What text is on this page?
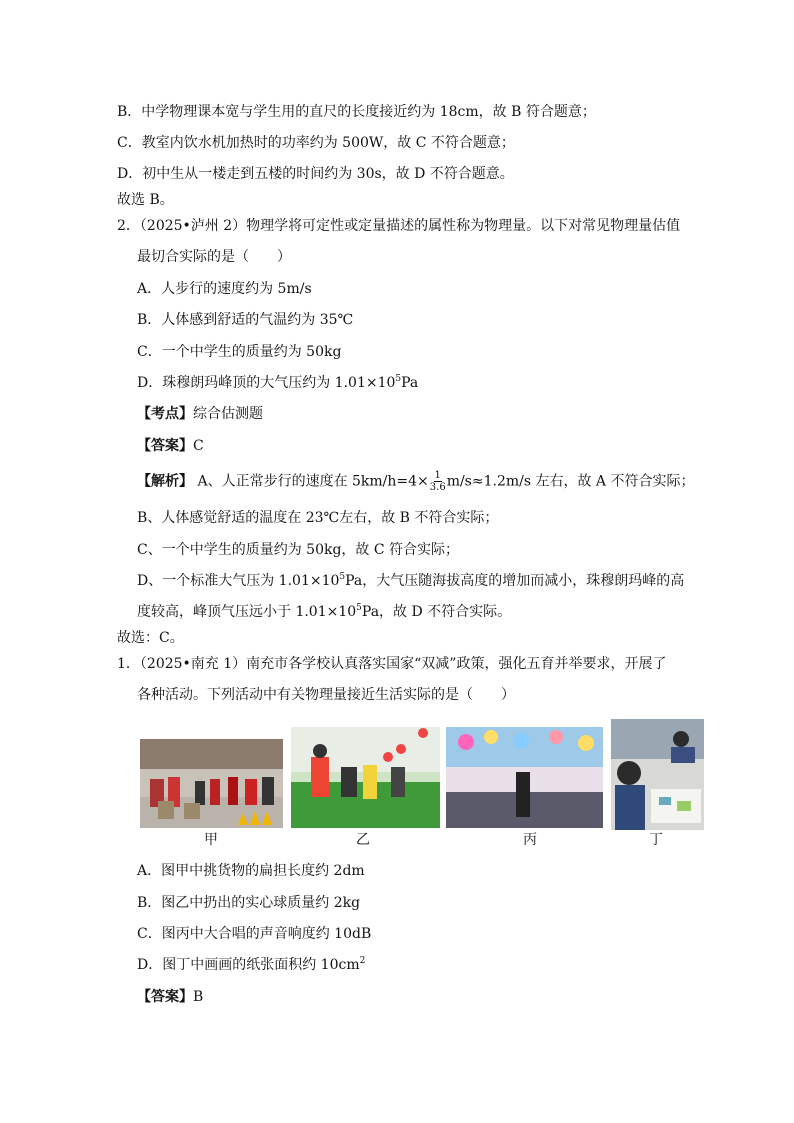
B．中学物理课本宽与学生用的直尺的长度接近约为 18cm，故 B 符合题意；
C．教室内饮水机加热时的功率约为 500W，故 C 不符合题意；
D．初中生从一楼走到五楼的时间约为 30s，故 D 不符合题意。
故选 B。
2．（2025•泸州 2）物理学将可定性或定量描述的属性称为物理量。以下对常见物理量估值
最切合实际的是（　　）
A．人步行的速度约为 5m/s
B．人体感到舒适的气温约为 35℃
C．一个中学生的质量约为 50kg
D．珠穆朗玛峰顶的大气压约为 $1.01\times 10^5Pa$
【考点】综合估测题
【答案】C
【解析】 A、人正常步行的速度在 $5km/h=4\times \frac{1}{3.6} m/s\approx 1.2m/s$ 左右，故 A 不符合实际；
B、人体感觉舒适的温度在 23℃左右，故 B 不符合实际；
C、一个中学生的质量约为 50kg，故 C 符合实际；
D、一个标准大气压为 $1.01\times 10^5Pa$，大气压随海拔高度的增加而减小，珠穆朗玛峰的高
度较高，峰顶气压远小于 $1.01\times 10^5Pa$，故 D 不符合实际。
故选：C。
1．（2025•南充 1）南充市各学校认真落实国家“双减”政策，强化五育并举要求，开展了
各种活动。下列活动中有关物理量接近生活实际的是（　　）
甲	乙	丙	丁
A．图甲中挑货物的扁担长度约 2dm
B．图乙中扔出的实心球质量约 2kg
C．图丙中大合唱的声音响度约 10dB
D．图丁中画画的纸张面积约 $10cm^2$
【答案】B
